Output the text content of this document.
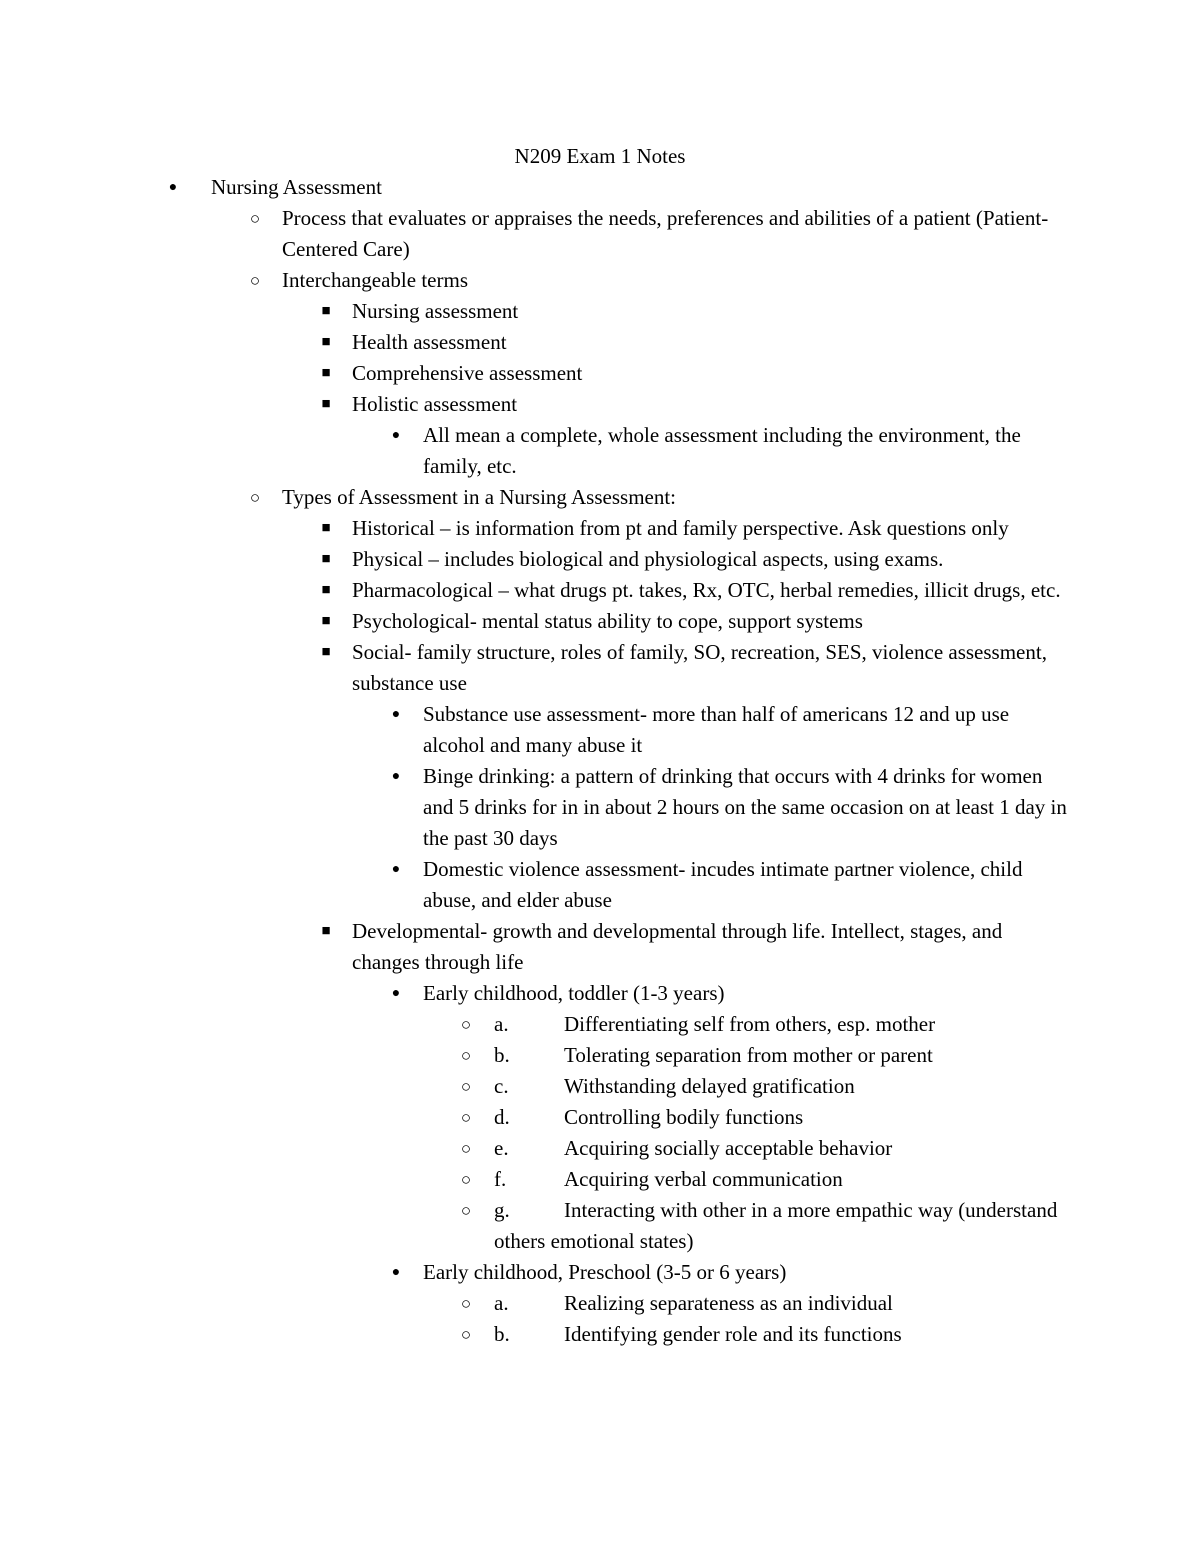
N209 Exam 1 Notes
● Nursing Assessment
○ Process that evaluates or appraises the needs, preferences and abilities of a patient (Patient-Centered Care)
○ Interchangeable terms
■ Nursing assessment
■ Health assessment
■ Comprehensive assessment
■ Holistic assessment
● All mean a complete, whole assessment including the environment, the family, etc.
○ Types of Assessment in a Nursing Assessment:
■ Historical – is information from pt and family perspective. Ask questions only
■ Physical – includes biological and physiological aspects, using exams.
■ Pharmacological – what drugs pt. takes, Rx, OTC, herbal remedies, illicit drugs, etc.
■ Psychological- mental status ability to cope, support systems
■ Social- family structure, roles of family, SO, recreation, SES, violence assessment, substance use
● Substance use assessment- more than half of americans 12 and up use alcohol and many abuse it
● Binge drinking: a pattern of drinking that occurs with 4 drinks for women and 5 drinks for in in about 2 hours on the same occasion on at least 1 day in the past 30 days
● Domestic violence assessment- incudes intimate partner violence, child abuse, and elder abuse
■ Developmental- growth and developmental through life. Intellect, stages, and changes through life
● Early childhood, toddler (1-3 years)
○ a.	Differentiating self from others, esp. mother
○ b.	Tolerating separation from mother or parent
○ c.	Withstanding delayed gratification
○ d.	Controlling bodily functions
○ e.	Acquiring socially acceptable behavior
○ f.	Acquiring verbal communication
○ g.	Interacting with other in a more empathic way (understand others emotional states)
● Early childhood, Preschool (3-5 or 6 years)
○ a.	Realizing separateness as an individual
○ b.	Identifying gender role and its functions
